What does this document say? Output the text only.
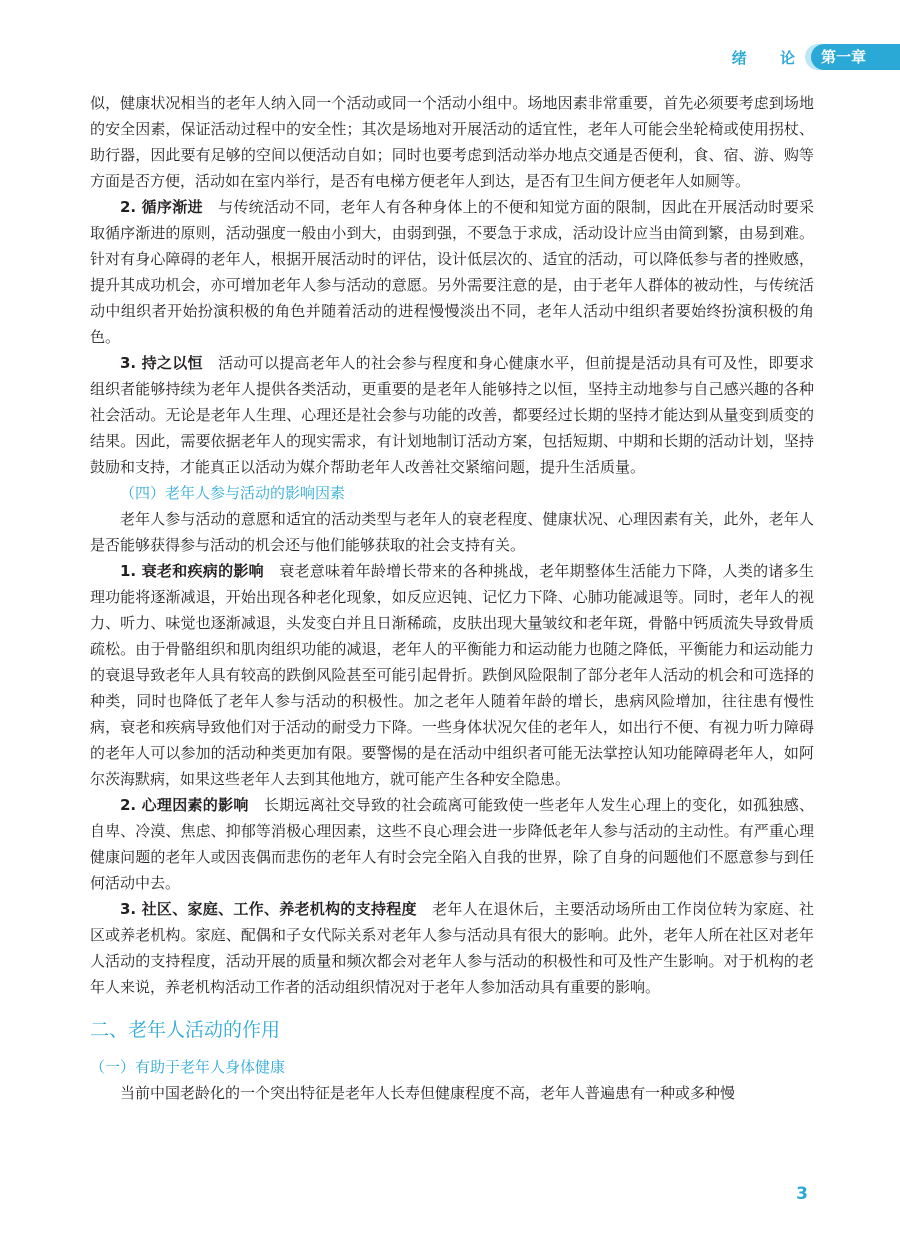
绪 论 第一章

似，健康状况相当的老年人纳入同一个活动或同一个活动小组中。场地因素非常重要，首先必须要考虑到场地的安全因素，保证活动过程中的安全性；其次是场地对开展活动的适宜性，老年人可能会坐轮椅或使用拐杖、助行器，因此要有足够的空间以便活动自如；同时也要考虑到活动举办地点交通是否便利，食、宿、游、购等方面是否方便，活动如在室内举行，是否有电梯方便老年人到达，是否有卫生间方便老年人如厕等。

2. 循序渐进　 与传统活动不同，老年人有各种身体上的不便和知觉方面的限制，因此在开展活动时要采取循序渐进的原则，活动强度一般由小到大，由弱到强，不要急于求成，活动设计应当由简到繁，由易到难。针对有身心障碍的老年人，根据开展活动时的评估，设计低层次的、适宜的活动，可以降低参与者的挫败感，提升其成功机会，亦可增加老年人参与活动的意愿。另外需要注意的是，由于老年人群体的被动性，与传统活动中组织者开始扮演积极的角色并随着活动的进程慢慢淡出不同，老年人活动中组织者要始终扮演积极的角色。

3. 持之以恒　 活动可以提高老年人的社会参与程度和身心健康水平，但前提是活动具有可及性，即要求组织者能够持续为老年人提供各类活动，更重要的是老年人能够持之以恒，坚持主动地参与自己感兴趣的各种社会活动。无论是老年人生理、心理还是社会参与功能的改善，都要经过长期的坚持才能达到从量变到质变的结果。因此，需要依据老年人的现实需求，有计划地制订活动方案，包括短期、中期和长期的活动计划，坚持鼓励和支持，才能真正以活动为媒介帮助老年人改善社交紧缩问题，提升生活质量。

（四）老年人参与活动的影响因素

老年人参与活动的意愿和适宜的活动类型与老年人的衰老程度、健康状况、心理因素有关，此外，老年人是否能够获得参与活动的机会还与他们能够获取的社会支持有关。

1. 衰老和疾病的影响　 衰老意味着年龄增长带来的各种挑战，老年期整体生活能力下降，人类的诸多生理功能将逐渐减退，开始出现各种老化现象，如反应迟钝、记忆力下降、心肺功能减退等。同时，老年人的视力、听力、味觉也逐渐减退，头发变白并且日渐稀疏，皮肤出现大量皱纹和老年斑，骨骼中钙质流失导致骨质疏松。由于骨骼组织和肌肉组织功能的减退，老年人的平衡能力和运动能力也随之降低，平衡能力和运动能力的衰退导致老年人具有较高的跌倒风险甚至可能引起骨折。跌倒风险限制了部分老年人活动的机会和可选择的种类，同时也降低了老年人参与活动的积极性。加之老年人随着年龄的增长，患病风险增加，往往患有慢性病，衰老和疾病导致他们对于活动的耐受力下降。一些身体状况欠佳的老年人，如出行不便、有视力听力障碍的老年人可以参加的活动种类更加有限。要警惕的是在活动中组织者可能无法掌控认知功能障碍老年人，如阿尔茨海默病，如果这些老年人去到其他地方，就可能产生各种安全隐患。

2. 心理因素的影响　 长期远离社交导致的社会疏离可能致使一些老年人发生心理上的变化，如孤独感、自卑、冷漠、焦虑、抑郁等消极心理因素，这些不良心理会进一步降低老年人参与活动的主动性。有严重心理健康问题的老年人或因丧偶而悲伤的老年人有时会完全陷入自我的世界，除了自身的问题他们不愿意参与到任何活动中去。

3. 社区、家庭、工作、养老机构的支持程度　 老年人在退休后，主要活动场所由工作岗位转为家庭、社区或养老机构。家庭、配偶和子女代际关系对老年人参与活动具有很大的影响。此外，老年人所在社区对老年人活动的支持程度，活动开展的质量和频次都会对老年人参与活动的积极性和可及性产生影响。对于机构的老年人来说，养老机构活动工作者的活动组织情况对于老年人参加活动具有重要的影响。

二、老年人活动的作用

（一）有助于老年人身体健康

当前中国老龄化的一个突出特征是老年人长寿但健康程度不高，老年人普遍患有一种或多种慢

3
